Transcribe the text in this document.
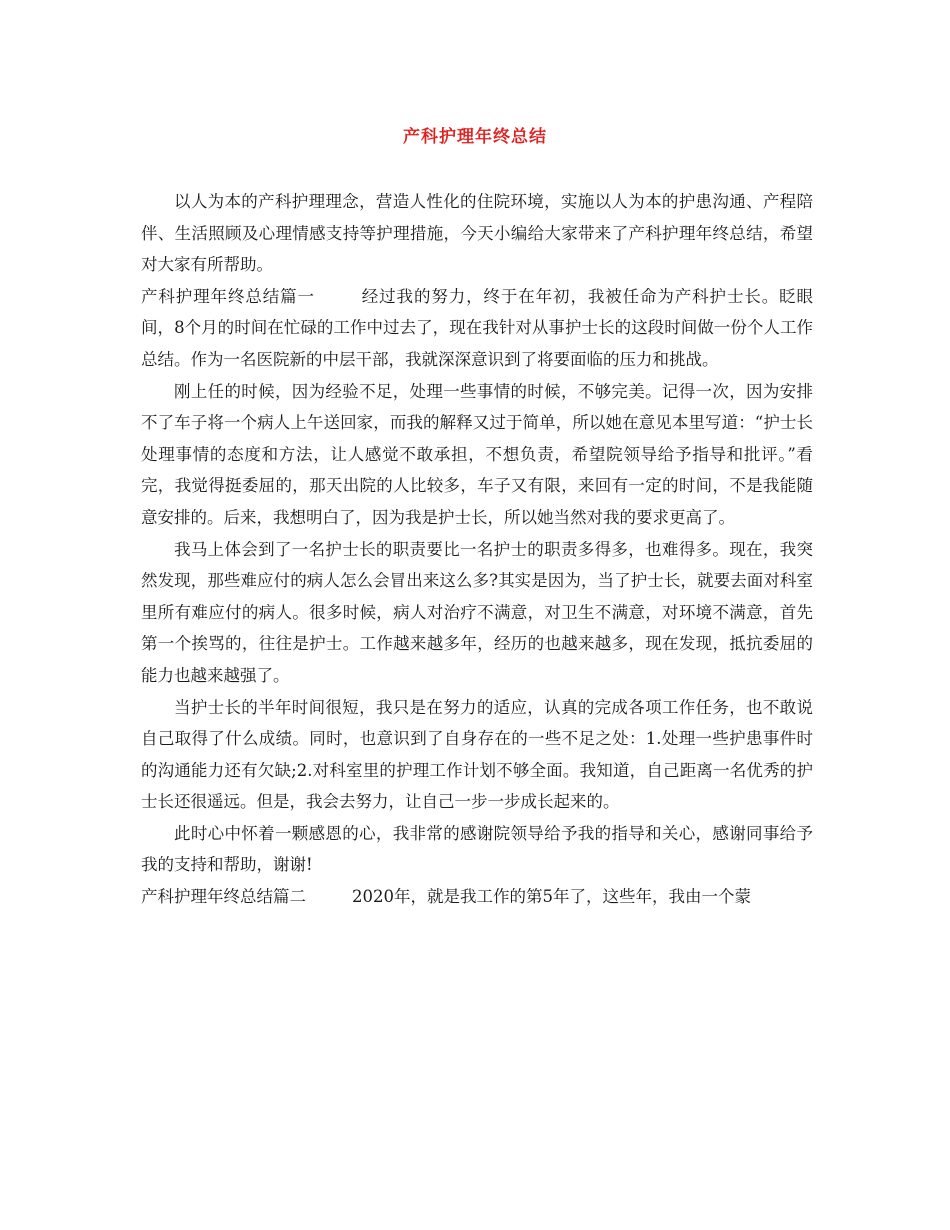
产科护理年终总结

以人为本的产科护理理念，营造人性化的住院环境，实施以人为本的护患沟通、产程陪伴、生活照顾及心理情感支持等护理措施，今天小编给大家带来了产科护理年终总结，希望对大家有所帮助。

产科护理年终总结篇一	经过我的努力，终于在年初，我被任命为产科护士长。眨眼间，8个月的时间在忙碌的工作中过去了，现在我针对从事护士长的这段时间做一份个人工作总结。作为一名医院新的中层干部，我就深深意识到了将要面临的压力和挑战。

刚上任的时候，因为经验不足，处理一些事情的时候，不够完美。记得一次，因为安排不了车子将一个病人上午送回家，而我的解释又过于简单，所以她在意见本里写道：“护士长处理事情的态度和方法，让人感觉不敢承担，不想负责，希望院领导给予指导和批评。”看完，我觉得挺委屈的，那天出院的人比较多，车子又有限，来回有一定的时间，不是我能随意安排的。后来，我想明白了，因为我是护士长，所以她当然对我的要求更高了。

我马上体会到了一名护士长的职责要比一名护士的职责多得多，也难得多。现在，我突然发现，那些难应付的病人怎么会冒出来这么多?其实是因为，当了护士长，就要去面对科室里所有难应付的病人。很多时候，病人对治疗不满意，对卫生不满意，对环境不满意，首先第一个挨骂的，往往是护士。工作越来越多年，经历的也越来越多，现在发现，抵抗委屈的能力也越来越强了。

当护士长的半年时间很短，我只是在努力的适应，认真的完成各项工作任务，也不敢说自己取得了什么成绩。同时，也意识到了自身存在的一些不足之处：1.处理一些护患事件时的沟通能力还有欠缺;2.对科室里的护理工作计划不够全面。我知道，自己距离一名优秀的护士长还很遥远。但是，我会去努力，让自己一步一步成长起来的。

此时心中怀着一颗感恩的心，我非常的感谢院领导给予我的指导和关心，感谢同事给予我的支持和帮助，谢谢!

产科护理年终总结篇二	2020年，就是我工作的第5年了，这些年，我由一个蒙
